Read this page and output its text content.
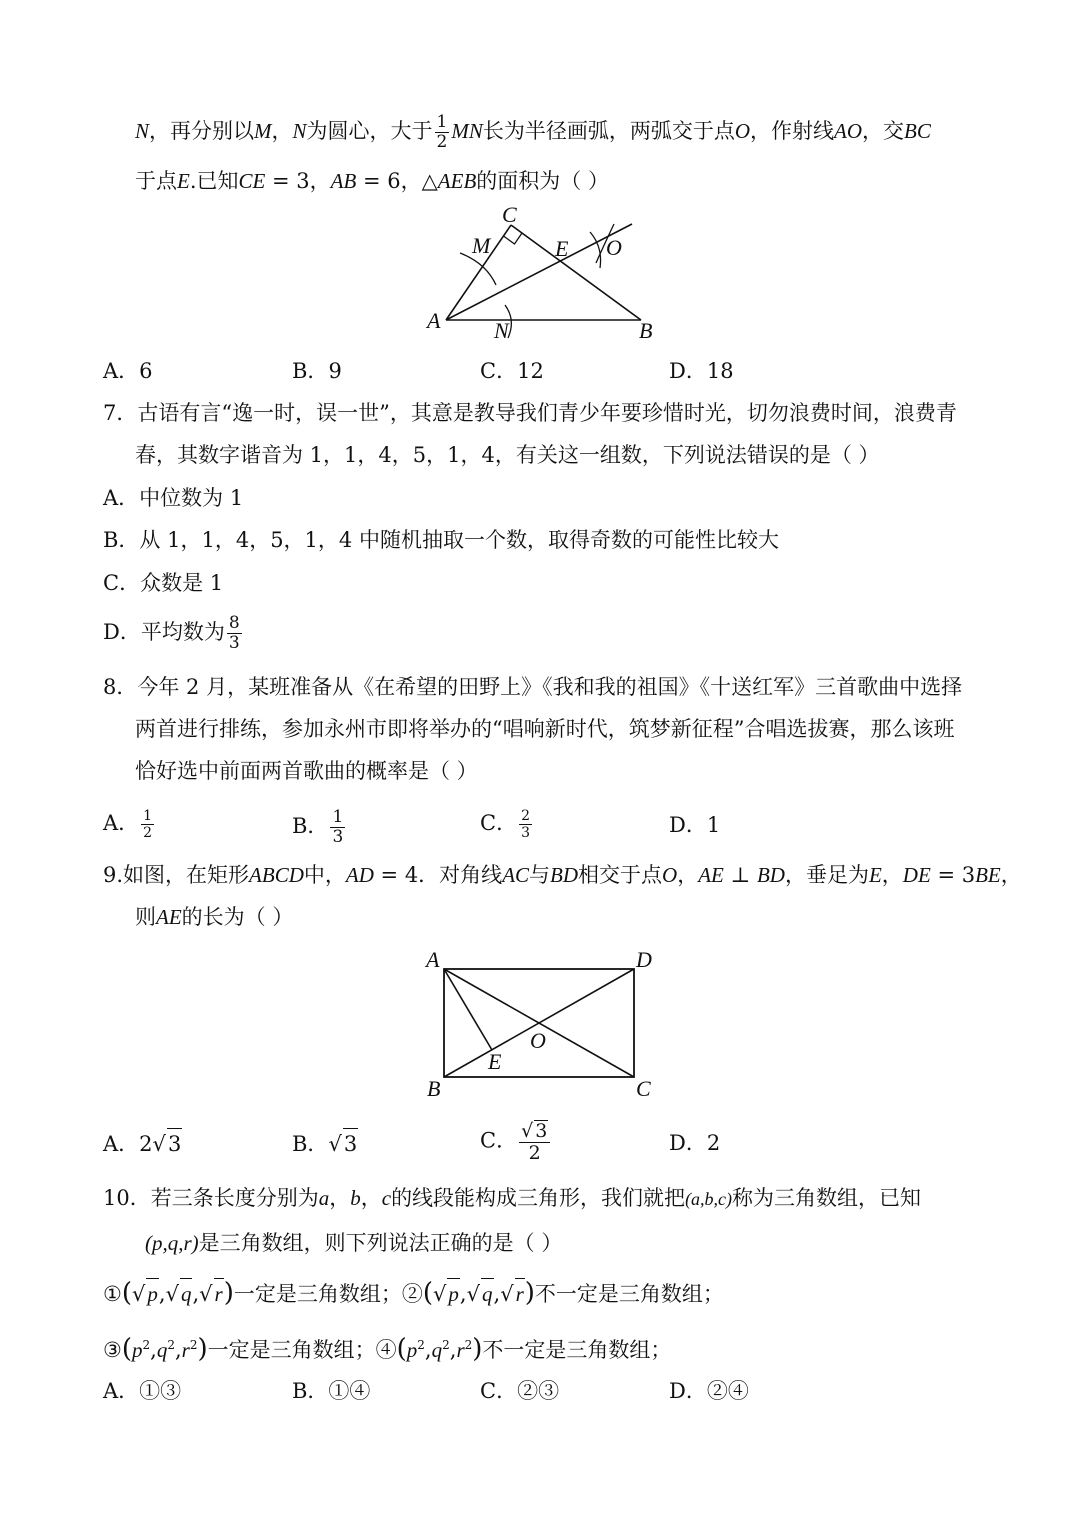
N，再分别以M，N为圆心，大于 $\frac{1}{2}$ MN长为半径画弧，两弧交于点O，作射线AO，交BC
于点E.已知CE = 3，AB = 6，△AEB的面积为（ ）
C
M	E O
A N	B
A．6	B．9	C．12	D．18
7．古语有言“逸一时，误一世”，其意是教导我们青少年要珍惜时光，切勿浪费时间，浪费青
春，其数字谐音为 1，1，4，5，1，4，有关这一组数，下列说法错误的是（ ）
A．中位数为 1
B．从 1，1，4，5，1，4 中随机抽取一个数，取得奇数的可能性比较大
C．众数是 1
D．平均数为 $\frac{8}{3}$
8．今年 2 月，某班准备从《在希望的田野上》《我和我的祖国》《十送红军》三首歌曲中选择
两首进行排练，参加永州市即将举办的“唱响新时代，筑梦新征程”合唱选拔赛，那么该班
恰好选中前面两首歌曲的概率是（ ）
A． $\frac{1}{2}$	B． $\frac{1}{3}$	C． $\frac{2}{3}$	D．1
9.如图，在矩形ABCD中，AD = 4．对角线AC与BD相交于点O，AE ⊥ BD，垂足为E，DE = 3BE，
则AE的长为（ ）
A	D
O
E
B	C
A．2√3	B．√3	C． $\frac{√ 3}{2}$	D．2
10．若三条长度分别为a，b，c的线段能构成三角形，我们就把(a,b,c)称为三角数组，已知
(p,q,r)是三角数组，则下列说法正确的是（ ）
①(√p,√q,√r)一定是三角数组；②(√p,√q,√r)不一定是三角数组；
$③(p^2,q^2,r^2)$一定是三角数组；$④(p^2,q^2,r^2)$不一定是三角数组；
A．①③	B．①④	C．②③	D．②④
